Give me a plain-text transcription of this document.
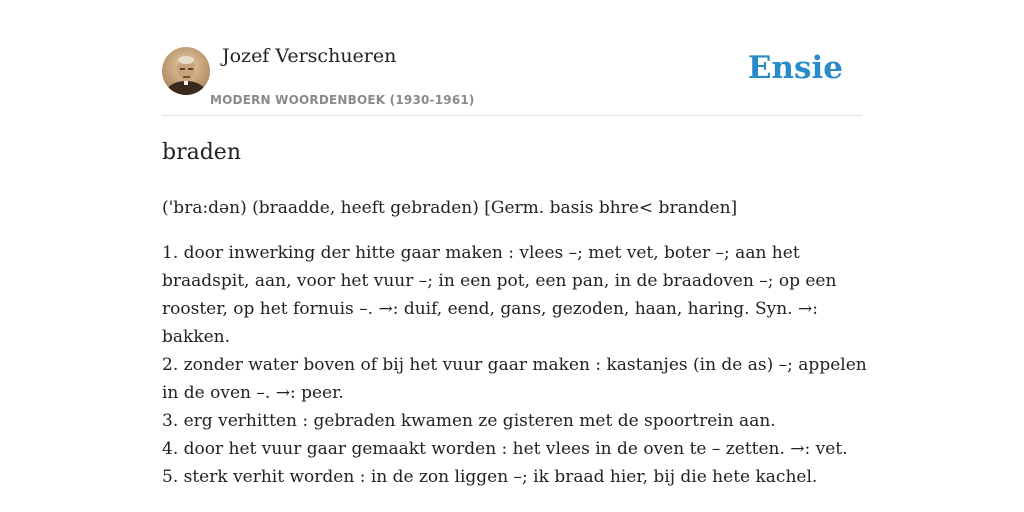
Jozef Verschueren
MODERN WOORDENBOEK (1930-1961)
Ensie
braden
('bra:dən) (braadde, heeft gebraden) [Germ. basis bhre< branden]
1. door inwerking der hitte gaar maken : vlees –; met vet, boter –; aan het
braadspit, aan, voor het vuur –; in een pot, een pan, in de braadoven –; op een
rooster, op het fornuis –. →: duif, eend, gans, gezoden, haan, haring. Syn. →:
bakken.
2. zonder water boven of bij het vuur gaar maken : kastanjes (in de as) –; appelen
in de oven –. →: peer.
3. erg verhitten : gebraden kwamen ze gisteren met de spoortrein aan.
4. door het vuur gaar gemaakt worden : het vlees in de oven te – zetten. →: vet.
5. sterk verhit worden : in de zon liggen –; ik braad hier, bij die hete kachel.
